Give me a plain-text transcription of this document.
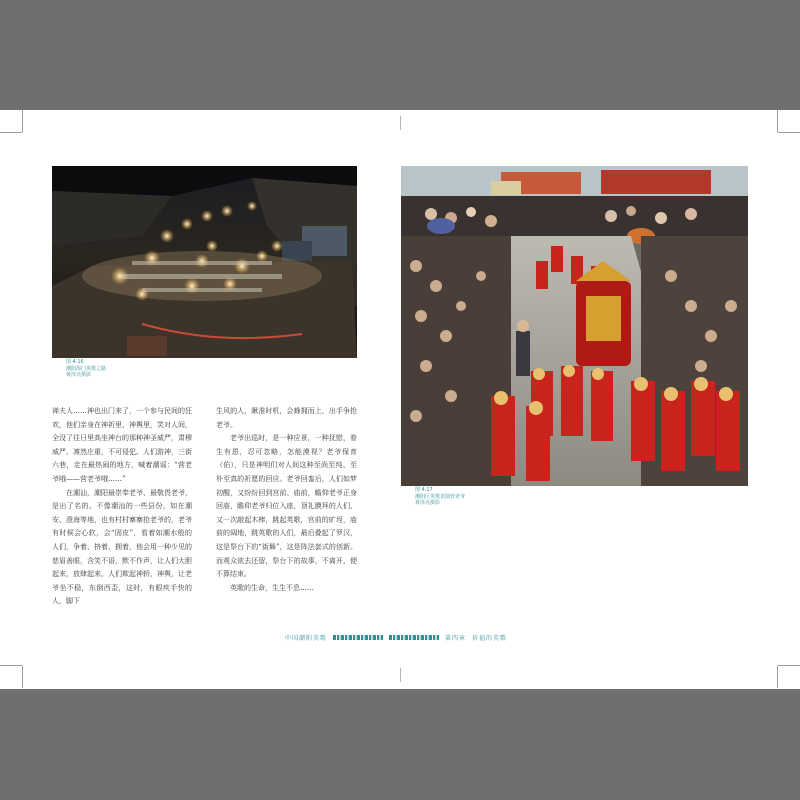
图 4.16
潮阳海门英歌之路
黄泽亮摄影

禅夫人……神也出门来了，一个参与民间的狂欢，他们亲身在神祈里、神舆里，笑对人间，全没了往日里高坐神台的那种神圣威严，肃穆威严、凛然庄重，不可侵犯。人们游神，三街六巷，走在最热闹的地方，喊着潮谣：“营老爷哦——营老爷哦……”

在潮汕，潮阳最崇奉老爷、最敬畏老爷，是出了名的。不像潮汕的一些县份，如在潮安、澄海等地，也有村村寨寨抢老爷的，老爷有时候会心软，会“固皮”，看着如潮水般的人们，争着、挤着、拥着，他会用一种少见的慈眉善眼，含笑不语，默不作声，让人们大胆起来，放肆起来。人们欺起神轿，神舆，让老爷坐不稳，东倒西歪，这时，有眼疾手快的人，脚下

生风的人，瞅准时机，会蜂拥而上，出手争抢老爷。

老爷出巡时，是一种应景，一种抚慰，眷生有恩，忍可忽略，怎能漠视？老爷保育（佑），只是神明们对人间这种至尚至纯、至朴至真的祈愿的回应。老爷回銮后，人们如梦初醒，又纷纷回到宫前、庙前，瞻仰老爷正身回庙，瞻仰老爷归位入座，顶礼膜拜的人们，又一次敲起木棒，跳起英歌，宫前的旷埕，庙前的阔地，跳英歌的人们，最后叠起了罗汉，这是祭台下的“街舞”，这是阵法套式的创新。而观众欲去还留，祭台下的故事，不离开，便不算结束。

英歌的生命，生生不息……

图 4.17
潮阳区英歌表演营老爷
黄泽亮摄影
中国潮阳英歌	第四章 祈福的英歌
